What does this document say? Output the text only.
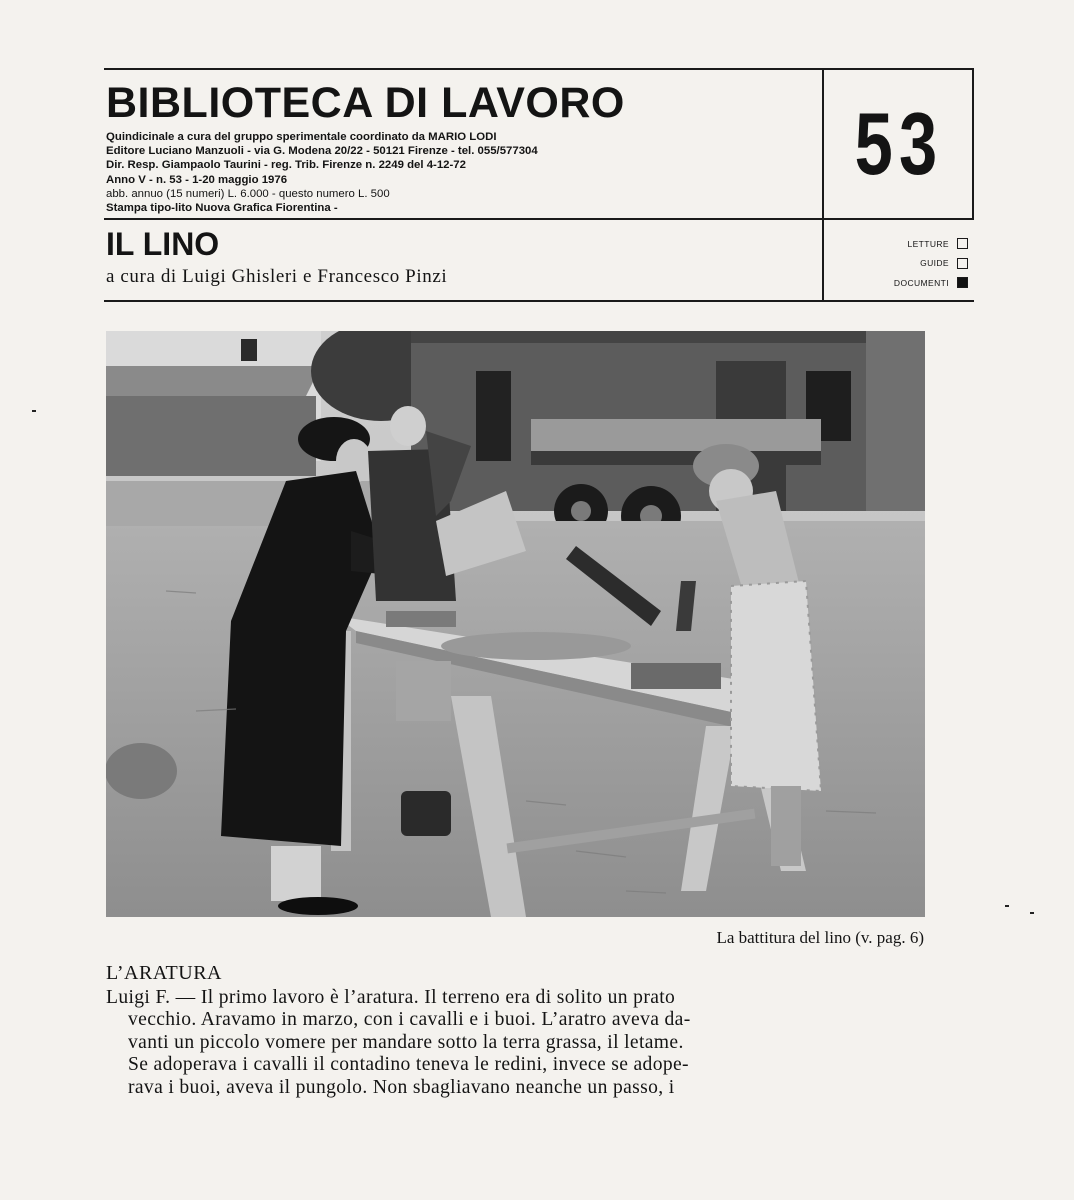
BIBLIOTECA DI LAVORO
Quindicinale a cura del gruppo sperimentale coordinato da MARIO LODI
Editore Luciano Manzuoli - via G. Modena 20/22 - 50121 Firenze - tel. 055/577304
Dir. Resp. Giampaolo Taurini - reg. Trib. Firenze n. 2249 del 4-12-72
Anno V - n. 53 - 1-20 maggio 1976
abb. annuo (15 numeri) L. 6.000 - questo numero L. 500
Stampa tipo-lito Nuova Grafica Fiorentina -
53
IL LINO
a cura di Luigi Ghisleri e Francesco Pinzi
LETTURE
GUIDE
DOCUMENTI
La battitura del lino (v. pag. 6)
L’ARATURA
Luigi F. — Il primo lavoro è l’aratura. Il terreno era di solito un prato
vecchio. Aravamo in marzo, con i cavalli e i buoi. L’aratro aveva da-
vanti un piccolo vomere per mandare sotto la terra grassa, il letame.
Se adoperava i cavalli il contadino teneva le redini, invece se adope-
rava i buoi, aveva il pungolo. Non sbagliavano neanche un passo, i
